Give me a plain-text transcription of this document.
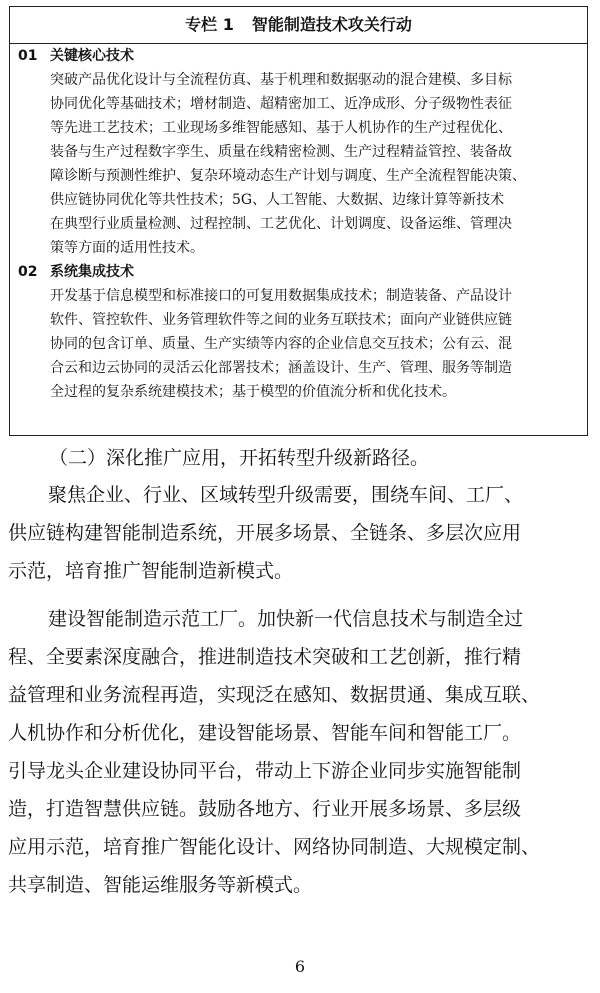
专栏 1 智能制造技术攻关行动
01 关键核心技术
突破产品优化设计与全流程仿真、基于机理和数据驱动的混合建模、多目标
协同优化等基础技术；增材制造、超精密加工、近净成形、分子级物性表征
等先进工艺技术；工业现场多维智能感知、基于人机协作的生产过程优化、
装备与生产过程数字孪生、质量在线精密检测、生产过程精益管控、装备故
障诊断与预测性维护、复杂环境动态生产计划与调度、生产全流程智能决策、
供应链协同优化等共性技术；5G、人工智能、大数据、边缘计算等新技术
在典型行业质量检测、过程控制、工艺优化、计划调度、设备运维、管理决
策等方面的适用性技术。
02 系统集成技术
开发基于信息模型和标准接口的可复用数据集成技术；制造装备、产品设计
软件、管控软件、业务管理软件等之间的业务互联技术；面向产业链供应链
协同的包含订单、质量、生产实绩等内容的企业信息交互技术；公有云、混
合云和边云协同的灵活云化部署技术；涵盖设计、生产、管理、服务等制造
全过程的复杂系统建模技术；基于模型的价值流分析和优化技术。
（二）深化推广应用，开拓转型升级新路径。
聚焦企业、行业、区域转型升级需要，围绕车间、工厂、
供应链构建智能制造系统，开展多场景、全链条、多层次应用
示范，培育推广智能制造新模式。
建设智能制造示范工厂。加快新一代信息技术与制造全过
程、全要素深度融合，推进制造技术突破和工艺创新，推行精
益管理和业务流程再造，实现泛在感知、数据贯通、集成互联、
人机协作和分析优化，建设智能场景、智能车间和智能工厂。
引导龙头企业建设协同平台，带动上下游企业同步实施智能制
造，打造智慧供应链。鼓励各地方、行业开展多场景、多层级
应用示范，培育推广智能化设计、网络协同制造、大规模定制、
共享制造、智能运维服务等新模式。
6
